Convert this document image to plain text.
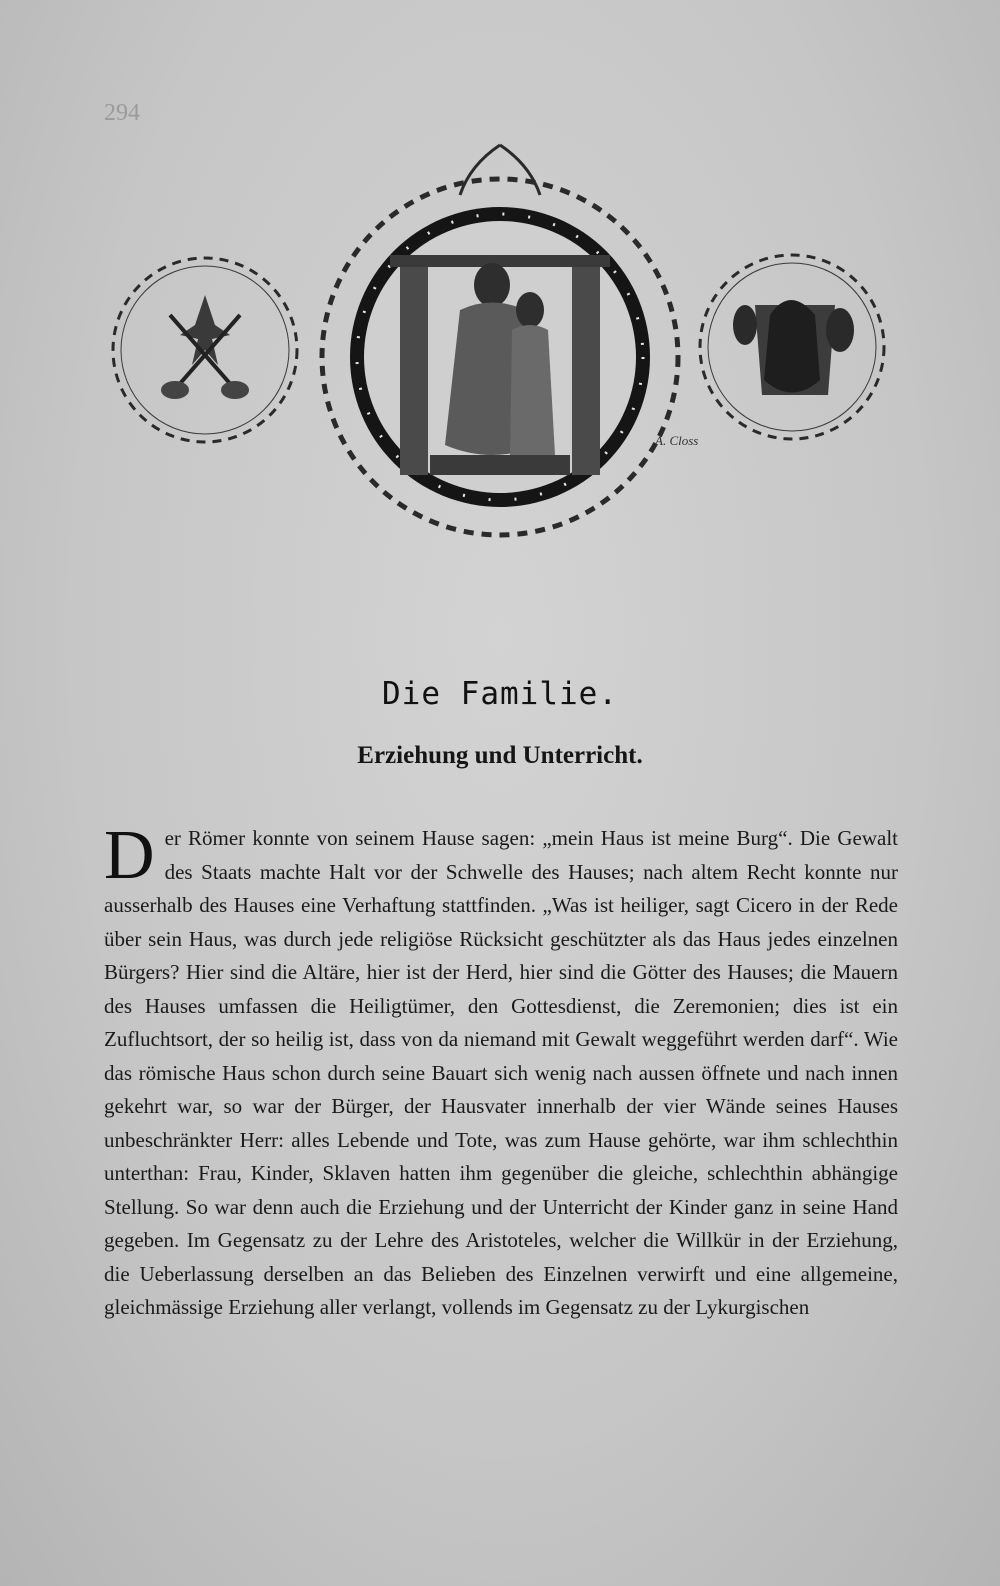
294
A. Closs
Die Familie.
Erziehung und Unterricht.

Der Römer konnte von seinem Hause sagen: „mein Haus ist meine Burg“. Die Gewalt des Staats machte Halt vor der Schwelle des Hauses; nach altem Recht konnte nur ausserhalb des Hauses eine Verhaftung stattfinden. „Was ist heiliger, sagt Cicero in der Rede über sein Haus, was durch jede religiöse Rücksicht geschützter als das Haus jedes einzelnen Bürgers? Hier sind die Altäre, hier ist der Herd, hier sind die Götter des Hauses; die Mauern des Hauses umfassen die Heiligtümer, den Gottesdienst, die Zeremonien; dies ist ein Zufluchtsort, der so heilig ist, dass von da niemand mit Gewalt weggeführt werden darf“. Wie das römische Haus schon durch seine Bauart sich wenig nach aussen öffnete und nach innen gekehrt war, so war der Bürger, der Hausvater innerhalb der vier Wände seines Hauses unbeschränkter Herr: alles Lebende und Tote, was zum Hause gehörte, war ihm schlechthin unterthan: Frau, Kinder, Sklaven hatten ihm gegenüber die gleiche, schlechthin abhängige Stellung. So war denn auch die Erziehung und der Unterricht der Kinder ganz in seine Hand gegeben. Im Gegensatz zu der Lehre des Aristoteles, welcher die Willkür in der Erziehung, die Ueberlassung derselben an das Belieben des Einzelnen verwirft und eine allgemeine, gleichmässige Erziehung aller verlangt, vollends im Gegensatz zu der Lykurgischen
